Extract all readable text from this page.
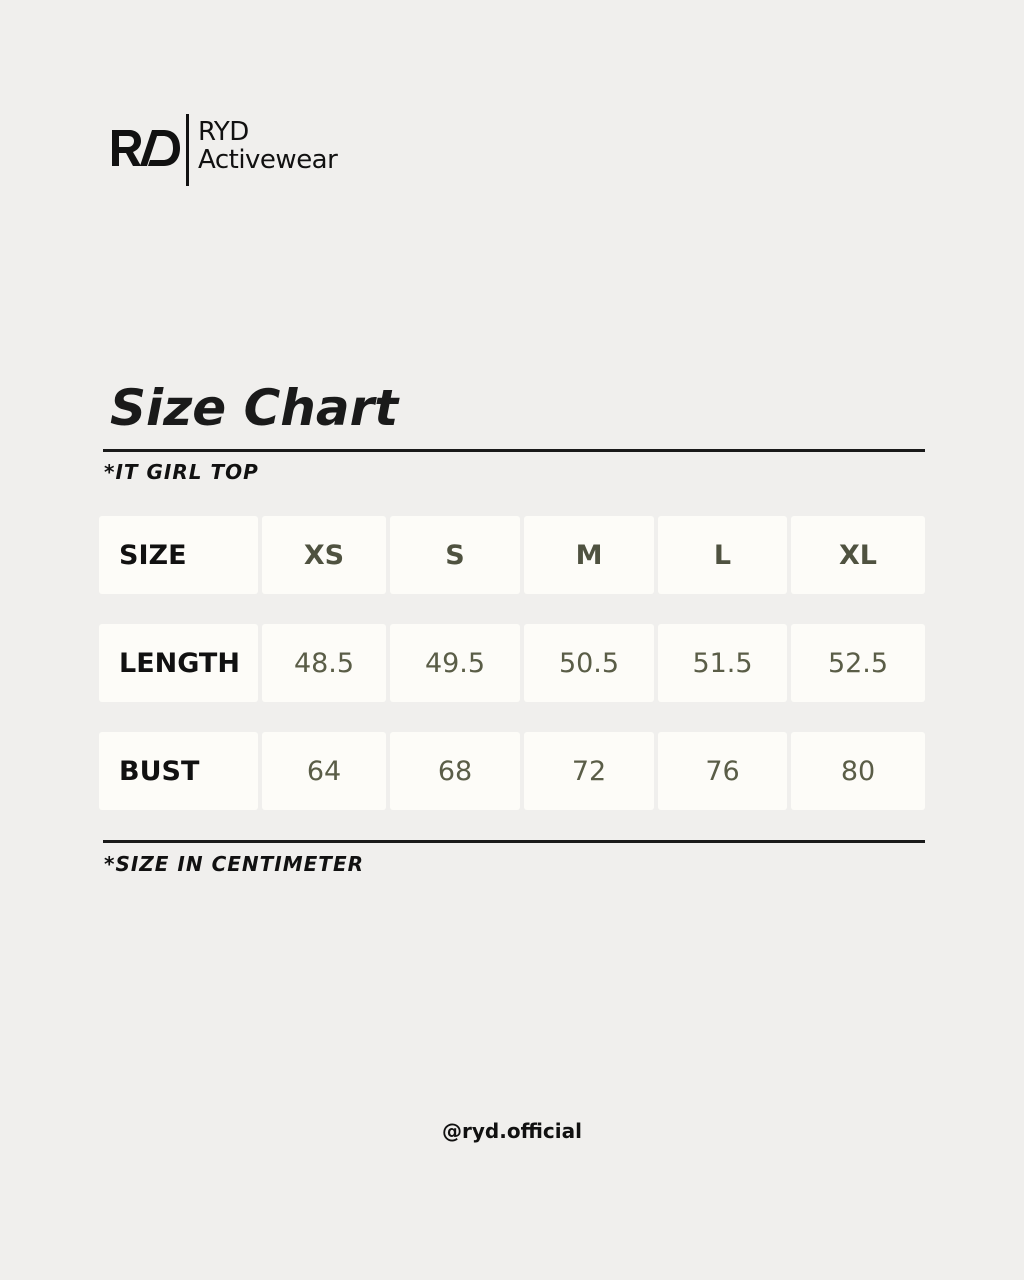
RYD
Activewear
Size Chart
*IT GIRL TOP
SIZE	XS	S	M	L	XL
LENGTH	48.5	49.5	50.5	51.5	52.5
BUST	64	68	72	76	80
*SIZE IN CENTIMETER
@ryd.official
